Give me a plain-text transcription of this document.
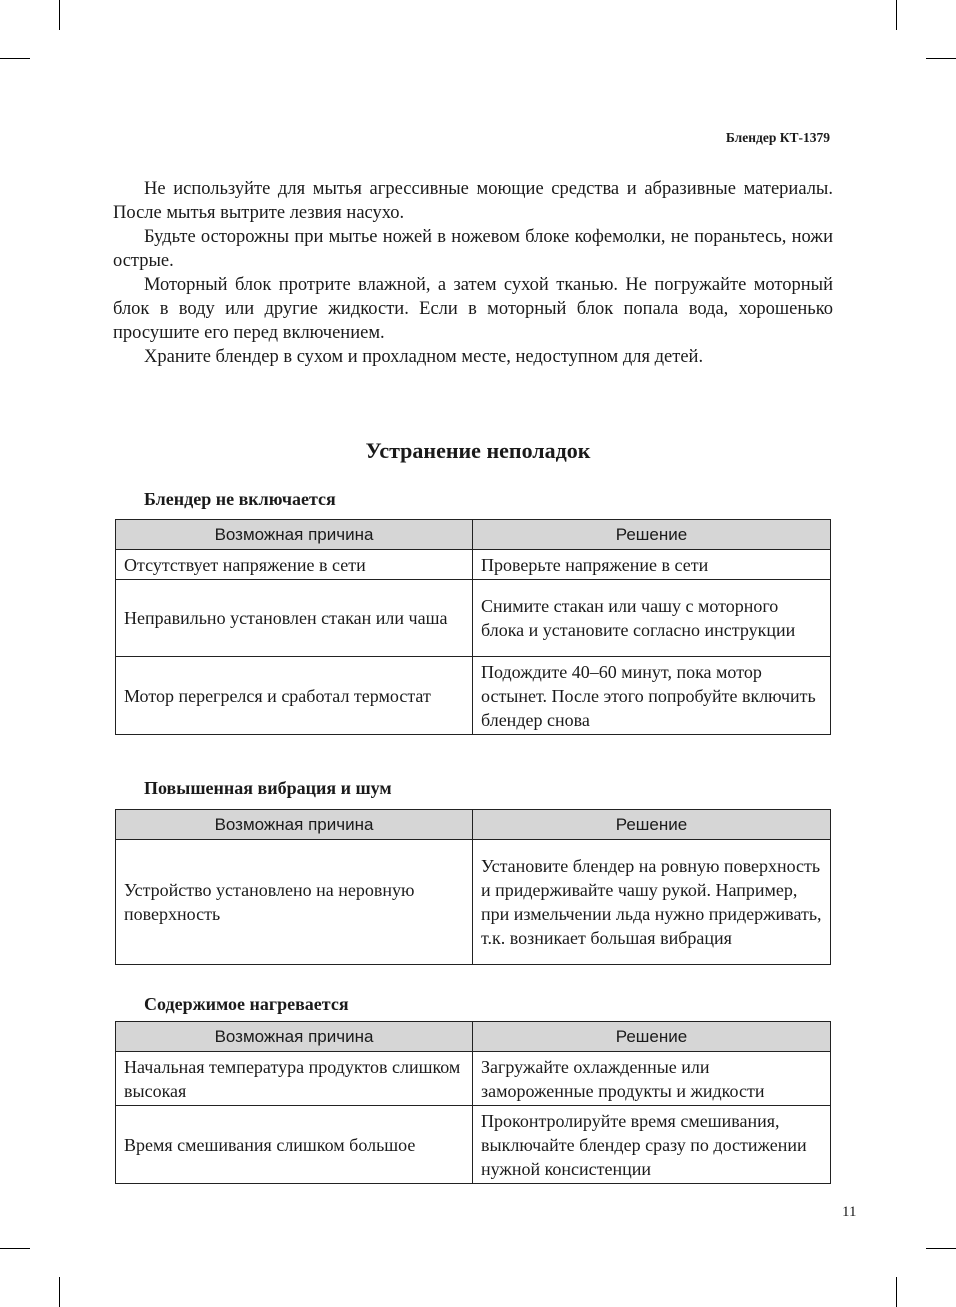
Блендер КТ-1379

Не используйте для мытья агрессивные моющие средства и абразивные материалы. После мытья вытрите лезвия насухо.

Будьте осторожны при мытье ножей в ножевом блоке кофемолки, не пораньтесь, ножи острые.

Моторный блок протрите влажной, а затем сухой тканью. Не погружайте моторный блок в воду или другие жидкости. Если в моторный блок попала вода, хорошенько просушите его перед включением.

Храните блендер в сухом и прохладном месте, недоступном для детей.

Устранение неполадок
Блендер не включается
Возможная причина	Решение
Отсутствует напряжение в сети	Проверьте напряжение в сети
Неправильно установлен стакан или чаша	Снимите стакан или чашу с моторного блока и установите согласно инструкции
Мотор перегрелся и сработал термостат	Подождите 40–60 минут, пока мотор остынет. После этого попробуйте включить блендер снова
Повышенная вибрация и шум
Возможная причина	Решение
Устройство установлено на неровную поверхность	Установите блендер на ровную поверхность и придерживайте чашу рукой. Например, при измельчении льда нужно придерживать, т.к. возникает большая вибрация
Содержимое нагревается
Возможная причина	Решение
Начальная температура продуктов слишком высокая	Загружайте охлажденные или замороженные продукты и жидкости
Время смешивания слишком большое	Проконтролируйте время смешивания, выключайте блендер сразу по достижении нужной консистенции
11
